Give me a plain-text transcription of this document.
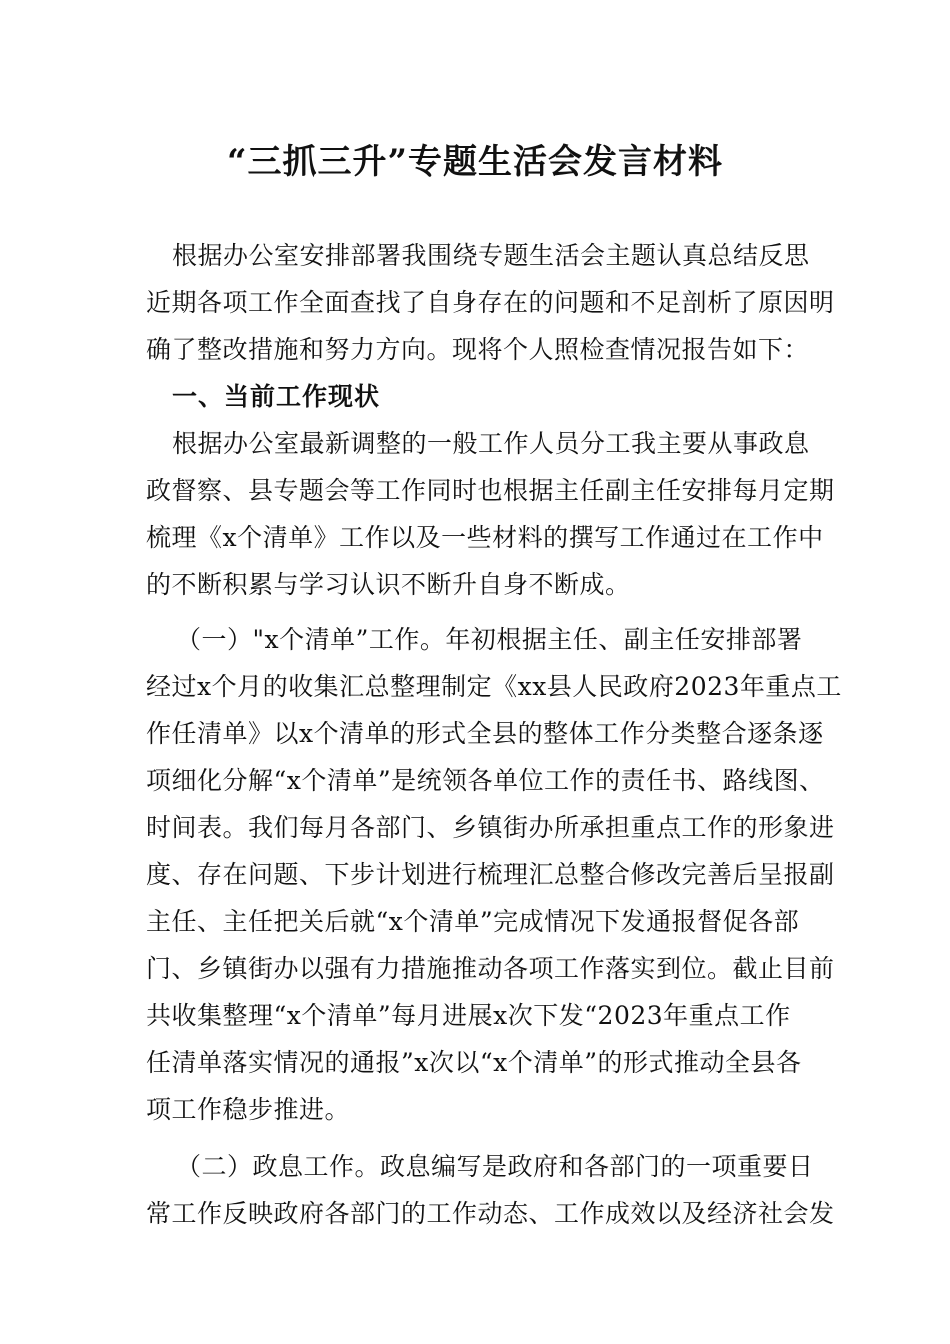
“三抓三升”专题生活会发言材料
根据办公室安排部署我围绕专题生活会主题认真总结反思
近期各项工作全面查找了自身存在的问题和不足剖析了原因明
确了整改措施和努力方向。现将个人照检查情况报告如下：
一、当前工作现状
根据办公室最新调整的一般工作人员分工我主要从事政息
政督察、县专题会等工作同时也根据主任副主任安排每月定期
梳理《x个清单》工作以及一些材料的撰写工作通过在工作中
的不断积累与学习认识不断升自身不断成。
（一）"x个清单”工作。年初根据主任、副主任安排部署
经过x个月的收集汇总整理制定《xx县人民政府2023年重点工
作任清单》以x个清单的形式全县的整体工作分类整合逐条逐
项细化分解“x个清单”是统领各单位工作的责任书、路线图、
时间表。我们每月各部门、乡镇街办所承担重点工作的形象进
度、存在问题、下步计划进行梳理汇总整合修改完善后呈报副
主任、主任把关后就“x个清单”完成情况下发通报督促各部
门、乡镇街办以强有力措施推动各项工作落实到位。截止目前
共收集整理“x个清单”每月进展x次下发“2023年重点工作
任清单落实情况的通报”x次以“x个清单”的形式推动全县各
项工作稳步推进。
（二）政息工作。政息编写是政府和各部门的一项重要日
常工作反映政府各部门的工作动态、工作成效以及经济社会发
